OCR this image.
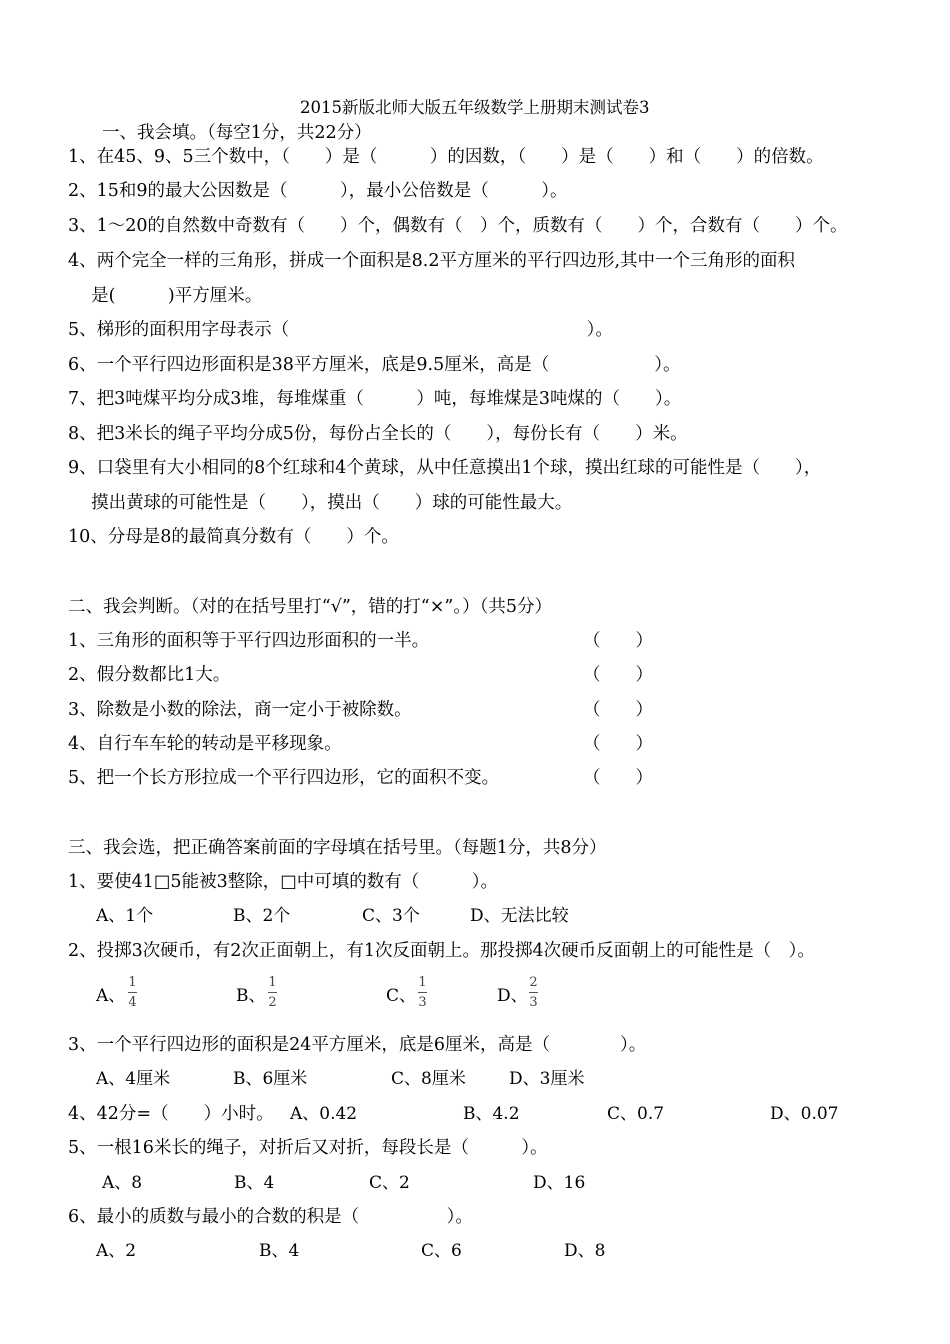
2015新版北师大版五年级数学上册期末测试卷3
一、我会填。（每空1分，共22分）
1、在45、9、5三个数中，（　　）是（　　　）的因数，（　　）是（　　）和（　　）的倍数。
2、15和9的最大公因数是（　　　），最小公倍数是（　　　）。
3、1～20的自然数中奇数有（　　）个，偶数有（　）个，质数有（　　）个，合数有（　　）个。
4、两个完全一样的三角形，拼成一个面积是8.2平方厘米的平行四边形,其中一个三角形的面积
　 是(　　　)平方厘米。
5、梯形的面积用字母表示（　　　　　　　　　　　　　　　　　）。
6、一个平行四边形面积是38平方厘米，底是9.5厘米，高是（　　　　　　）。
7、把3吨煤平均分成3堆，每堆煤重（　　　）吨，每堆煤是3吨煤的（　　）。
8、把3米长的绳子平均分成5份，每份占全长的（　　），每份长有（　　）米。
9、口袋里有大小相同的8个红球和4个黄球，从中任意摸出1个球，摸出红球的可能性是（　　），
　 摸出黄球的可能性是（　　），摸出（　　）球的可能性最大。
10、分母是8的最简真分数有（　　）个。
二、我会判断。（对的在括号里打“√”，错的打“×”。）（共5分）
1、三角形的面积等于平行四边形面积的一半。	（　　）
2、假分数都比1大。	（　　）
3、除数是小数的除法，商一定小于被除数。	（　　）
4、自行车车轮的转动是平移现象。	（　　）
5、把一个长方形拉成一个平行四边形，它的面积不变。	（　　）
三、我会选，把正确答案前面的字母填在括号里。（每题1分，共8分）
1、要使41□5能被3整除，□中可填的数有（　　　）。
A、1个	B、2个	C、3个	D、无法比较
2、投掷3次硬币，有2次正面朝上，有1次反面朝上。那投掷4次硬币反面朝上的可能性是（　）。
A、
1
4	B、
1
2	C、
1
3	D、
2
3
3、一个平行四边形的面积是24平方厘米，底是6厘米，高是（　　　　）。
A、4厘米	B、6厘米	C、8厘米	D、3厘米
4、42分=（　　）小时。 A、0.42	B、4.2	C、0.7	D、0.07
5、一根16米长的绳子，对折后又对折，每段长是（　　　）。
A、8	B、4	C、2	D、16
6、最小的质数与最小的合数的积是（　　　　　）。
A、2	B、4	C、6	D、8
